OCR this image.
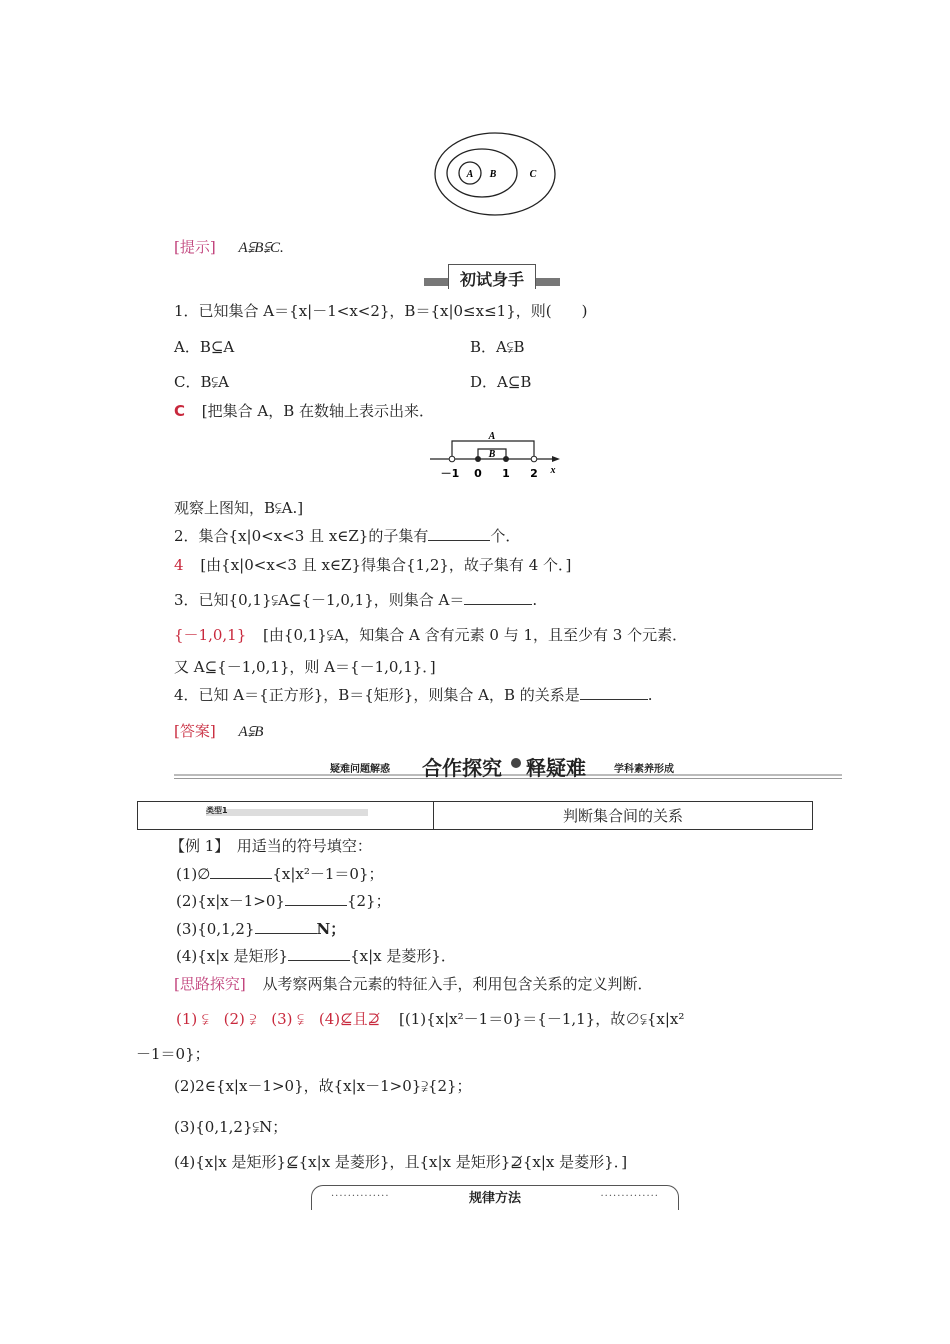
A B	C
[提示] A⫋B⫋C.
初试身手
1．已知集合 A＝{x|－1<x<2}，B＝{x|0≤x≤1}，则(　　)
A．B⊆A	B．A⫋B
C．B⫋A	D．A⊆B
C [把集合 A，B 在数轴上表示出来．
A
B
－1 0 1 2 x
观察上图知，B⫋A.]
2．集合{x|0<x<3 且 x∈Z}的子集有	个．
4 [由{x|0<x<3 且 x∈Z}得集合{1,2}，故子集有 4 个．]
3．已知{0,1}⫋A⊆{－1,0,1}，则集合 A＝	.
{－1,0,1} [由{0,1}⫋A，知集合 A 含有元素 0 与 1，且至少有 3 个元素．
又 A⊆{－1,0,1}，则 A＝{－1,0,1}．]
4．已知 A＝{正方形}，B＝{矩形}，则集合 A，B 的关系是	.
[答案] A⫋B
疑难问题解惑 合作探究 释疑难	学科素养形成
类型1	判断集合间的关系
【例 1】　用适当的符号填空：
(1)∅	{x|x²－1＝0}；
(2){x|x－1>0}	{2}；
(3){0,1,2}	N；
(4){x|x 是矩形}	{x|x 是菱形}．
[思路探究] 从考察两集合元素的特征入手，利用包含关系的定义判断．
(1) ⫋　(2) ⫌　(3) ⫋　(4)⊈且⊉ [(1){x|x²－1＝0}＝{－1,1}，故∅⫋{x|x²
－1＝0}；
(2)2∈{x|x－1>0}，故{x|x－1>0}⫌{2}；
(3){0,1,2}⫋N；
(4){x|x 是矩形}⊈{x|x 是菱形}，且{x|x 是矩形}⊉{x|x 是菱形}．]
··············	规律方法	··············
